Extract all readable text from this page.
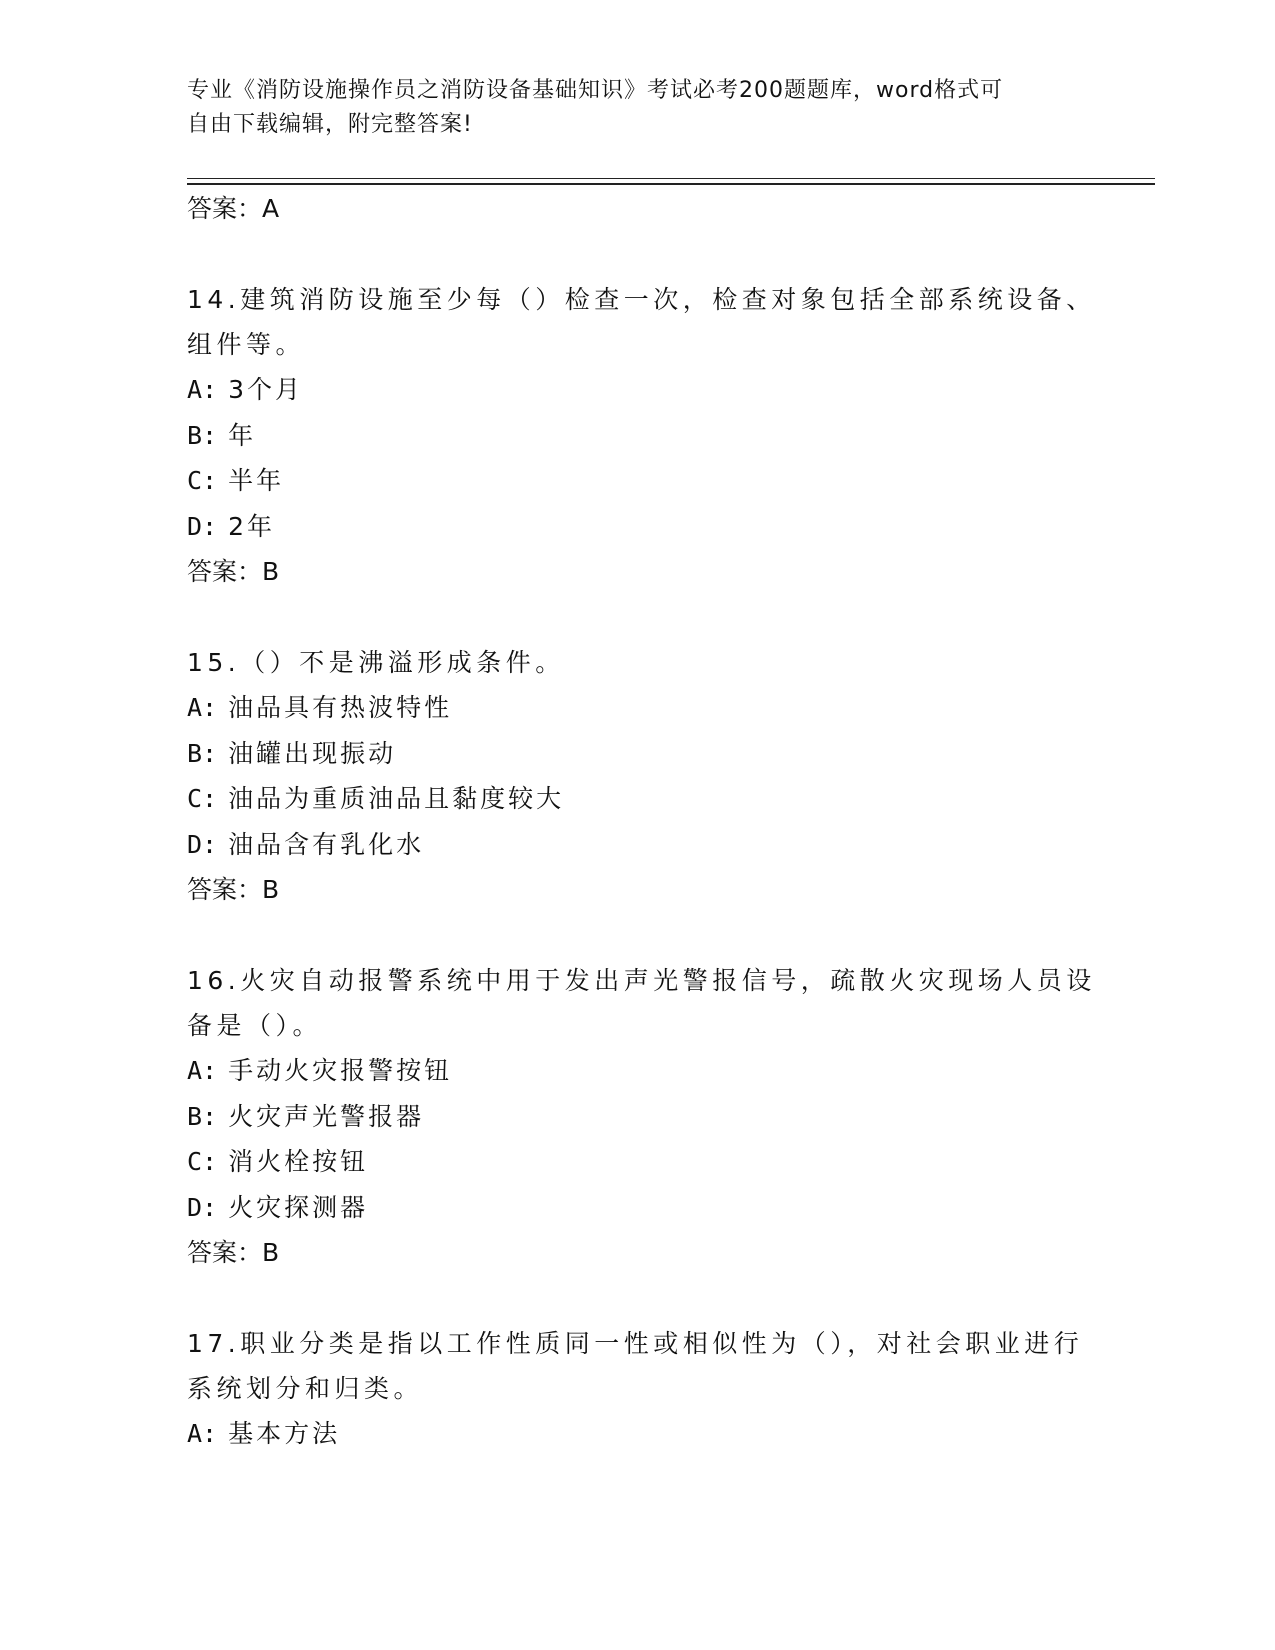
专业《消防设施操作员之消防设备基础知识》考试必考200题题库，word格式可
自由下载编辑，附完整答案!
答案：A
14.建筑消防设施至少每（）检查一次，检查对象包括全部系统设备、
组件等。
A: 3个月
B: 年
C: 半年
D: 2年
答案：B
15.（）不是沸溢形成条件。
A: 油品具有热波特性
B: 油罐出现振动
C: 油品为重质油品且黏度较大
D: 油品含有乳化水
答案：B
16.火灾自动报警系统中用于发出声光警报信号，疏散火灾现场人员设
备是（）。
A: 手动火灾报警按钮
B: 火灾声光警报器
C: 消火栓按钮
D: 火灾探测器
答案：B
17.职业分类是指以工作性质同一性或相似性为（），对社会职业进行
系统划分和归类。
A: 基本方法
